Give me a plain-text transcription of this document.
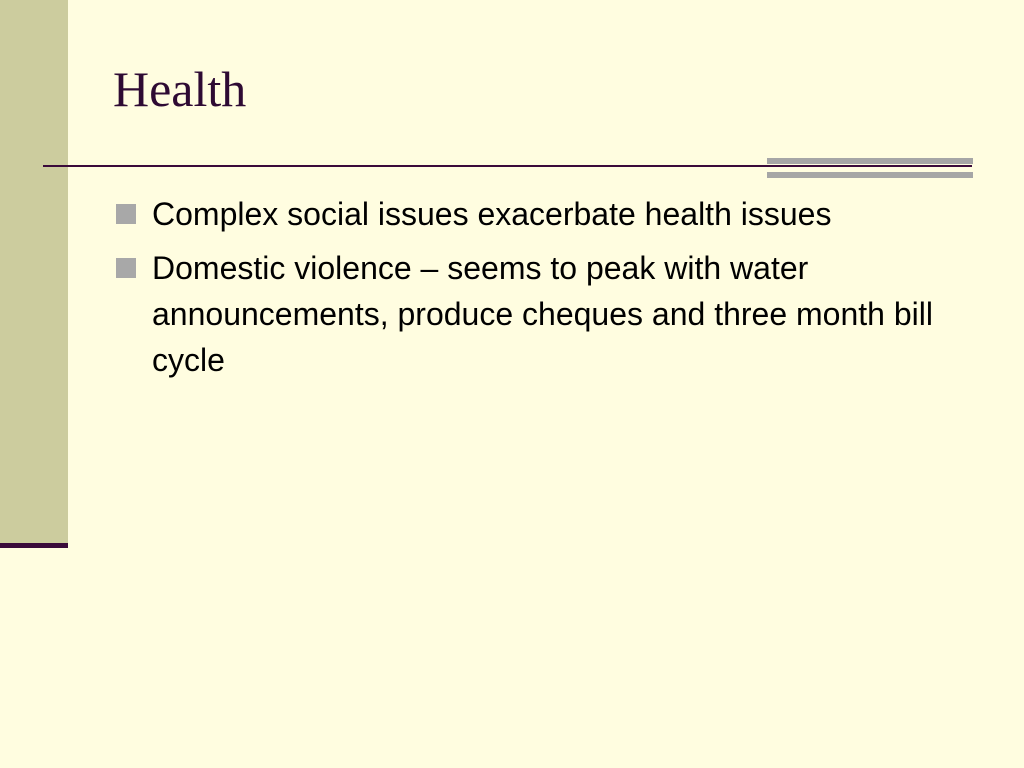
Health
Complex social issues exacerbate health issues
Domestic violence – seems to peak with water announcements, produce cheques and three month bill cycle
